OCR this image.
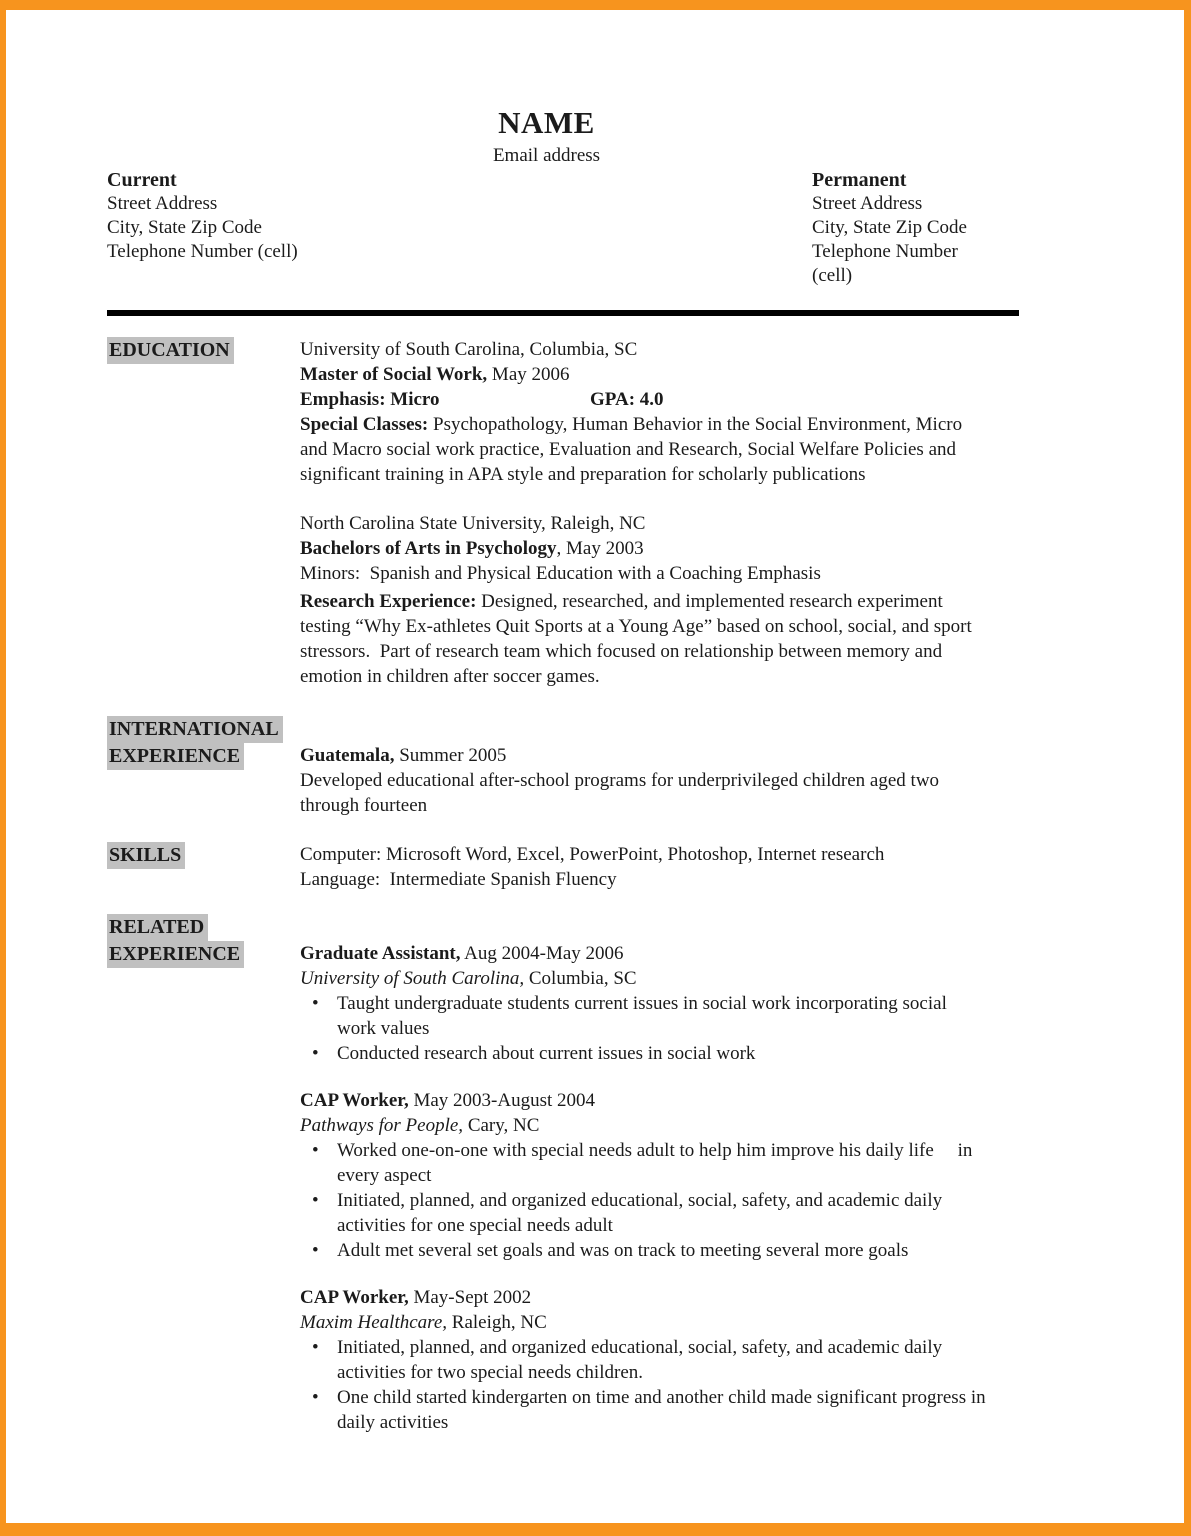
NAME
Email address
Current
Street Address
City, State Zip Code
Telephone Number (cell)
Permanent
Street Address
City, State Zip Code
Telephone Number (cell)
EDUCATION	University of South Carolina, Columbia, SC
Master of Social Work, May 2006
Emphasis: Micro	GPA: 4.0
Special Classes: Psychopathology, Human Behavior in the Social Environment, Micro and Macro social work practice, Evaluation and Research, Social Welfare Policies and significant training in APA style and preparation for scholarly publications
North Carolina State University, Raleigh, NC
Bachelors of Arts in Psychology, May 2003
Minors:  Spanish and Physical Education with a Coaching Emphasis
Research Experience: Designed, researched, and implemented research experiment testing “Why Ex-athletes Quit Sports at a Young Age” based on school, social, and sport stressors.  Part of research team which focused on relationship between memory and emotion in children after soccer games.
INTERNATIONAL
EXPERIENCE	Guatemala, Summer 2005
Developed educational after-school programs for underprivileged children aged two through fourteen
SKILLS	Computer: Microsoft Word, Excel, PowerPoint, Photoshop, Internet research
Language:  Intermediate Spanish Fluency
RELATED
EXPERIENCE	Graduate Assistant, Aug 2004-May 2006
University of South Carolina, Columbia, SC
• Taught undergraduate students current issues in social work incorporating social work values
• Conducted research about current issues in social work
CAP Worker, May 2003-August 2004
Pathways for People, Cary, NC
• Worked one-on-one with special needs adult to help him improve his daily life     in every aspect
• Initiated, planned, and organized educational, social, safety, and academic daily activities for one special needs adult
• Adult met several set goals and was on track to meeting several more goals
CAP Worker, May-Sept 2002
Maxim Healthcare, Raleigh, NC
• Initiated, planned, and organized educational, social, safety, and academic daily activities for two special needs children.
• One child started kindergarten on time and another child made significant progress in daily activities
